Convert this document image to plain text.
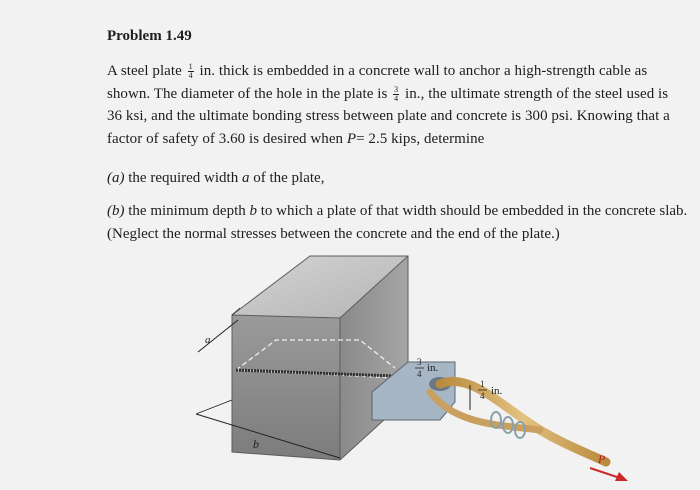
Problem 1.49

A steel plate $\frac{1}{4}$ in. thick is embedded in a concrete wall to anchor a high-strength cable as shown. The diameter of the hole in the plate is $\frac{3}{4}$ in., the ultimate strength of the steel used is 36 ksi, and the ultimate bonding stress between plate and concrete is 300 psi. Knowing that a factor of safety of 3.60 is desired when P= 2.5 kips, determine

(a) the required width a of the plate,
(b) the minimum depth b to which a plate of that width should be embedded in the concrete slab. (Neglect the normal stresses between the concrete and the end of the plate.)
a
b
3
4 in.
1
4 in.
P
